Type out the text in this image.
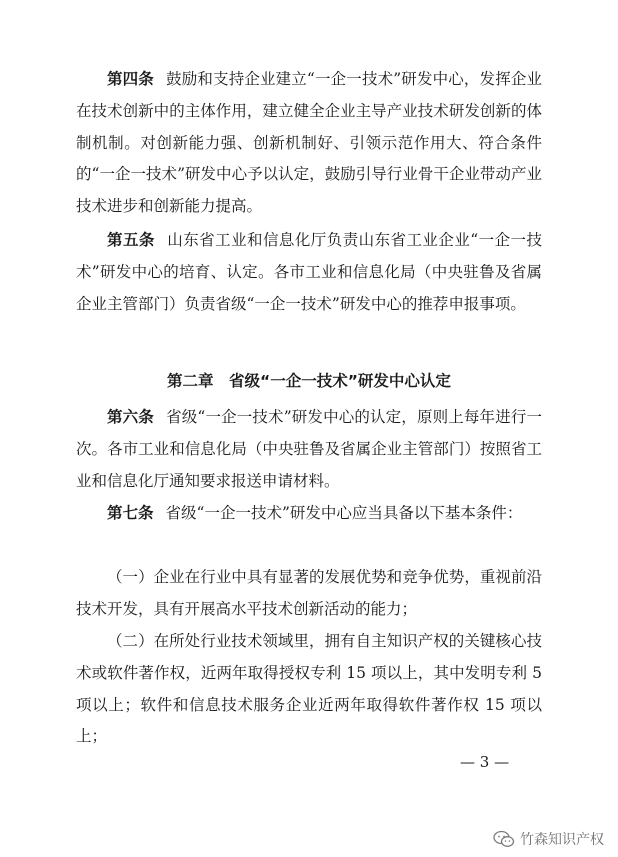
第四条 鼓励和支持企业建立“一企一技术”研发中心，发挥企业在技术创新中的主体作用，建立健全企业主导产业技术研发创新的体制机制。对创新能力强、创新机制好、引领示范作用大、符合条件的“一企一技术”研发中心予以认定，鼓励引导行业骨干企业带动产业技术进步和创新能力提高。

第五条 山东省工业和信息化厅负责山东省工业企业“一企一技术”研发中心的培育、认定。各市工业和信息化局（中央驻鲁及省属企业主管部门）负责省级“一企一技术”研发中心的推荐申报事项。

第二章　省级“一企一技术”研发中心认定

第六条 省级“一企一技术”研发中心的认定，原则上每年进行一次。各市工业和信息化局（中央驻鲁及省属企业主管部门）按照省工业和信息化厅通知要求报送申请材料。

第七条 省级“一企一技术”研发中心应当具备以下基本条件：

（一）企业在行业中具有显著的发展优势和竞争优势，重视前沿技术开发，具有开展高水平技术创新活动的能力；

（二）在所处行业技术领域里，拥有自主知识产权的关键核心技术或软件著作权，近两年取得授权专利 15 项以上，其中发明专利 5 项以上；软件和信息技术服务企业近两年取得软件著作权 15 项以上；

— 3 —
竹森知识产权
